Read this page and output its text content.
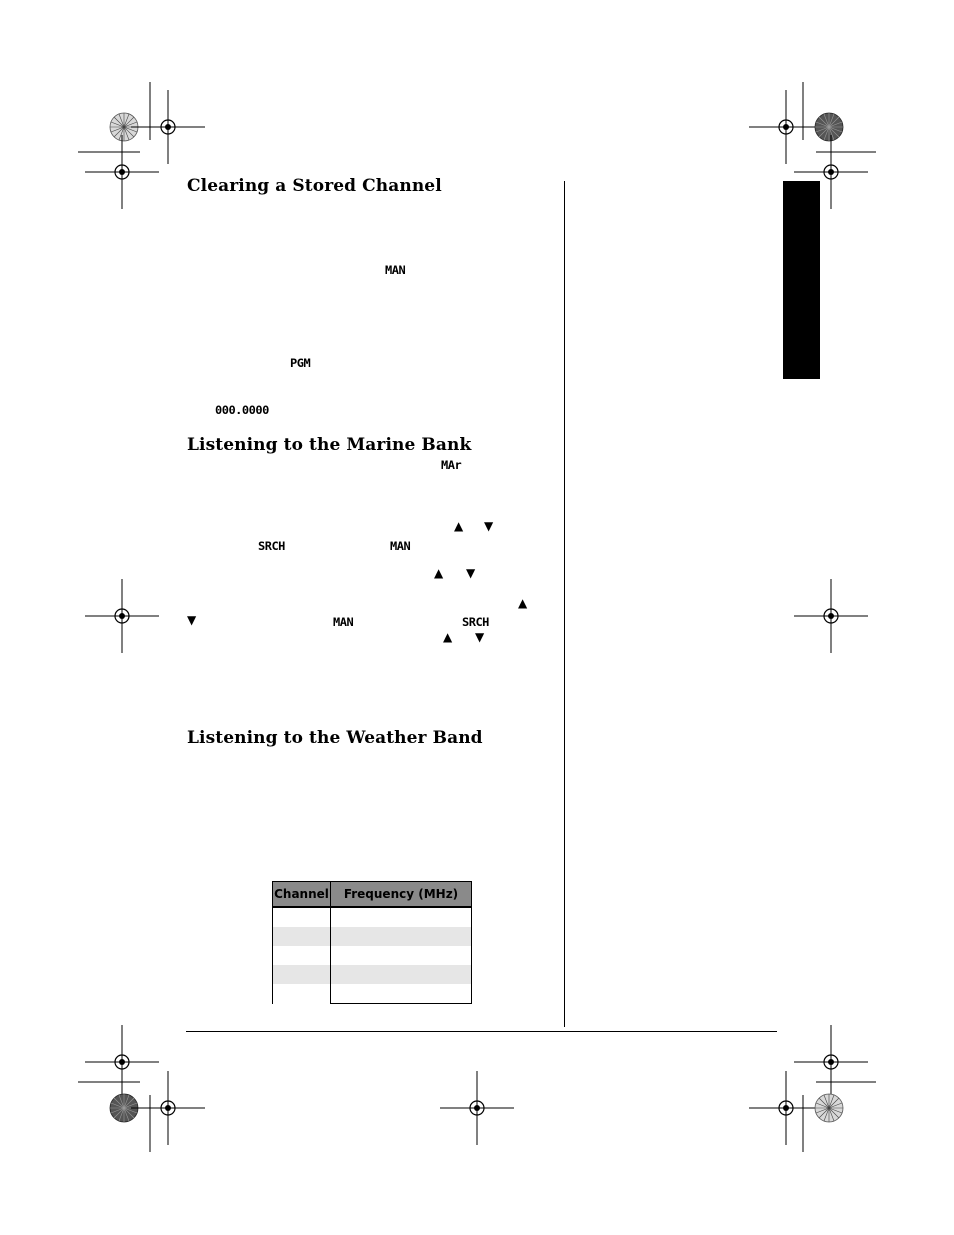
Clearing a Stored Channel
Listening to the Marine Bank
Listening to the Weather Band
MAN
PGM
000.0000
MAr
SRCH	MAN
MAN	SRCH
▲ ▼
▲ ▼
▲
▼
▲ ▼
Channel	Frequency (MHz)
